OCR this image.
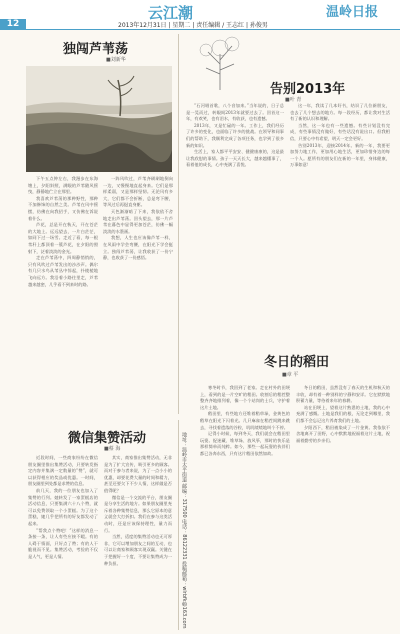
12
云江潮
2013年12月31日 | 星期二 | 责任编辑 / 王志红 | 孙俊男
温岭日报
独闯芦苇荡
■刘新华

下午五点钟左右，我漫步在东海塘上，夕阳斜照，满眼的芦苇随风摇曳，静静地伫立在那里。

我喜欢芦苇荡的那种野性，那种不加修饰的自然之美。芦苇在风中摇摆，仿佛在向我招手，又仿佛在诉说着什么。

芦花，总是开在秋天，开在苍茫的大地上。远远望去，一片白茫茫，如同下过一场雪。走近了看，每一根苇秆上都顶着一簇芦花，在夕阳的照射下，泛着淡淡的金光。

走在芦苇荡中，四周静悄悄的，只有风吹过芦苇发出的沙沙声。偶尔有几只水鸟从苇丛中惊起，扑棱棱地飞向远方。我沿着小路往里走，芦苇越来越密，几乎看不到来时的路。

一阵风吹过，芦苇齐刷刷地倒向一边，又慢慢地直起身来。它们是那样柔弱，又是那样坚韧。无论风有多大，它们都不会折断，总是弯下腰，等风过后再挺直身躯。

天色渐渐暗了下来，我依依不舍地走出芦苇荡。回头望去，那一片芦苇在暮色中显得更加苍茫，仿佛一幅淡淡的水墨画。

我想，人生也应该像芦苇一样，在风雨中学会弯腰，在阳光下学会挺立。独闯芦苇荡，让我收获了一份宁静，也收获了一份感悟。

告别2013年
■叶 青

“石河唱首歌，八个音加来。”当年说的，日子总是一晃而过，转眼间2013年就要过去了。回首这一年，有欢笑，也有泪水，有收获，也有遗憾。

2013年，又是忙碌的一年。工作上，我们经历了许多的变化，也面临了许多的挑战。在领导和同事们的帮助下，我顺利完成了各项任务，也学到了很多新的知识。

生活上，家人都平平安安、健健康康的，这是最让我欣慰的事情。孩子一天天长大，越来越懂事了，看着他的成长，心中充满了喜悦。

这一年，我读了几本好书，结识了几位新朋友，也去了几个想去的地方。每一段经历，都让我对生活有了新的认识和理解。

当然，这一年也有一些遗憾。有些计划没有完成，有些事情没有做好，有些话没有说出口。但我相信，只要心中有希望，明天一定会更好。

告别2013年，迎接2014年。新的一年，我要更加努力地工作，更加用心地生活，更加珍惜身边的每一个人。愿所有的朋友们在新的一年里，身体健康，万事如意！

冬日的稻田
■章 平
微信集赞活动
■蔡 海

近段时间，一些商家纷纷在微信朋友圈里推出集赞活动，只要转发指定内容并集满一定数量的“赞”，就可以获得相应的奖品或优惠。一时间，朋友圈里到处都是求赞的信息。

前几天，我的一位朋友也加入了集赞的行列。她转发了一家蛋糕店的活动信息，只要集满六十八个赞，就可以免费领取一个小蛋糕。为了这个蛋糕，她几乎把所有的好友都发动了起来。

“帮我点个赞吧！”这样的消息一条接一条，让人有些应接不暇。有的人碍于情面，只好点了赞；有的人干脆视而不见。集赞活动，考验的不仅是人气，更是人情。

其实，商家推出集赞活动，无非是为了扩大宣传，吸引更多的顾客。而对于参与者来说，为了一点小小的优惠，却要花费大量的时间和精力，甚至还要欠下不少人情，这样做是否值得呢？

微信是一个交流的平台，朋友圈是分享生活的地方。如果朋友圈里充斥着各种集赞信息，那么它原本的意义就会大打折扣。我们在参与这类活动时，还是应该保持理性，量力而行。

当然，适度的集赞活动也无可厚非，它可以增加朋友之间的互动，也可以让商家和顾客实现双赢。关键在于把握好一个度，不要让集赞成为一种负担。	地址：温岭市太平街道 邮编：317500 电话：86122331 投稿邮箱：wlrbfk@163.com

寒冬时节，我回到了老家。走在村外的田埂上，看到的是一片空旷的稻田。收割后的稻茬整整齐齐地排列着，像一个个站岗的士兵，守护着这片土地。

稻田里，有些地方还堆着稻草垛，金黄色的稻草在阳光下闪着光。几只麻雀在稻茬间跳来跳去，寻找着遗落的谷粒，叽叽喳喳地叫个不停。

记得小时候，每到冬天，我们就会在稻田里玩耍。捉迷藏、堆草垛、放风筝，那时的快乐是那样简单而纯粹。如今，那些一起玩耍的伙伴们都已各奔东西，只有这片稻田依然如故。

冬日的稻田，虽然没有了春天的生机和秋天的丰收，却有着一种别样的宁静和安详。它在默默地积蓄力量，等待着来年的春耕。

站在田埂上，望着这片熟悉的土地，我的心中充满了感慨。土地是我们的根，无论走到哪里，我们都不会忘记这片养育我们的土地。

夕阳西下，稻田被染成了一片金黄。我依依不舍地离开了田野，心中默默地祝福着这片土地，祝福着勤劳的乡亲们。
